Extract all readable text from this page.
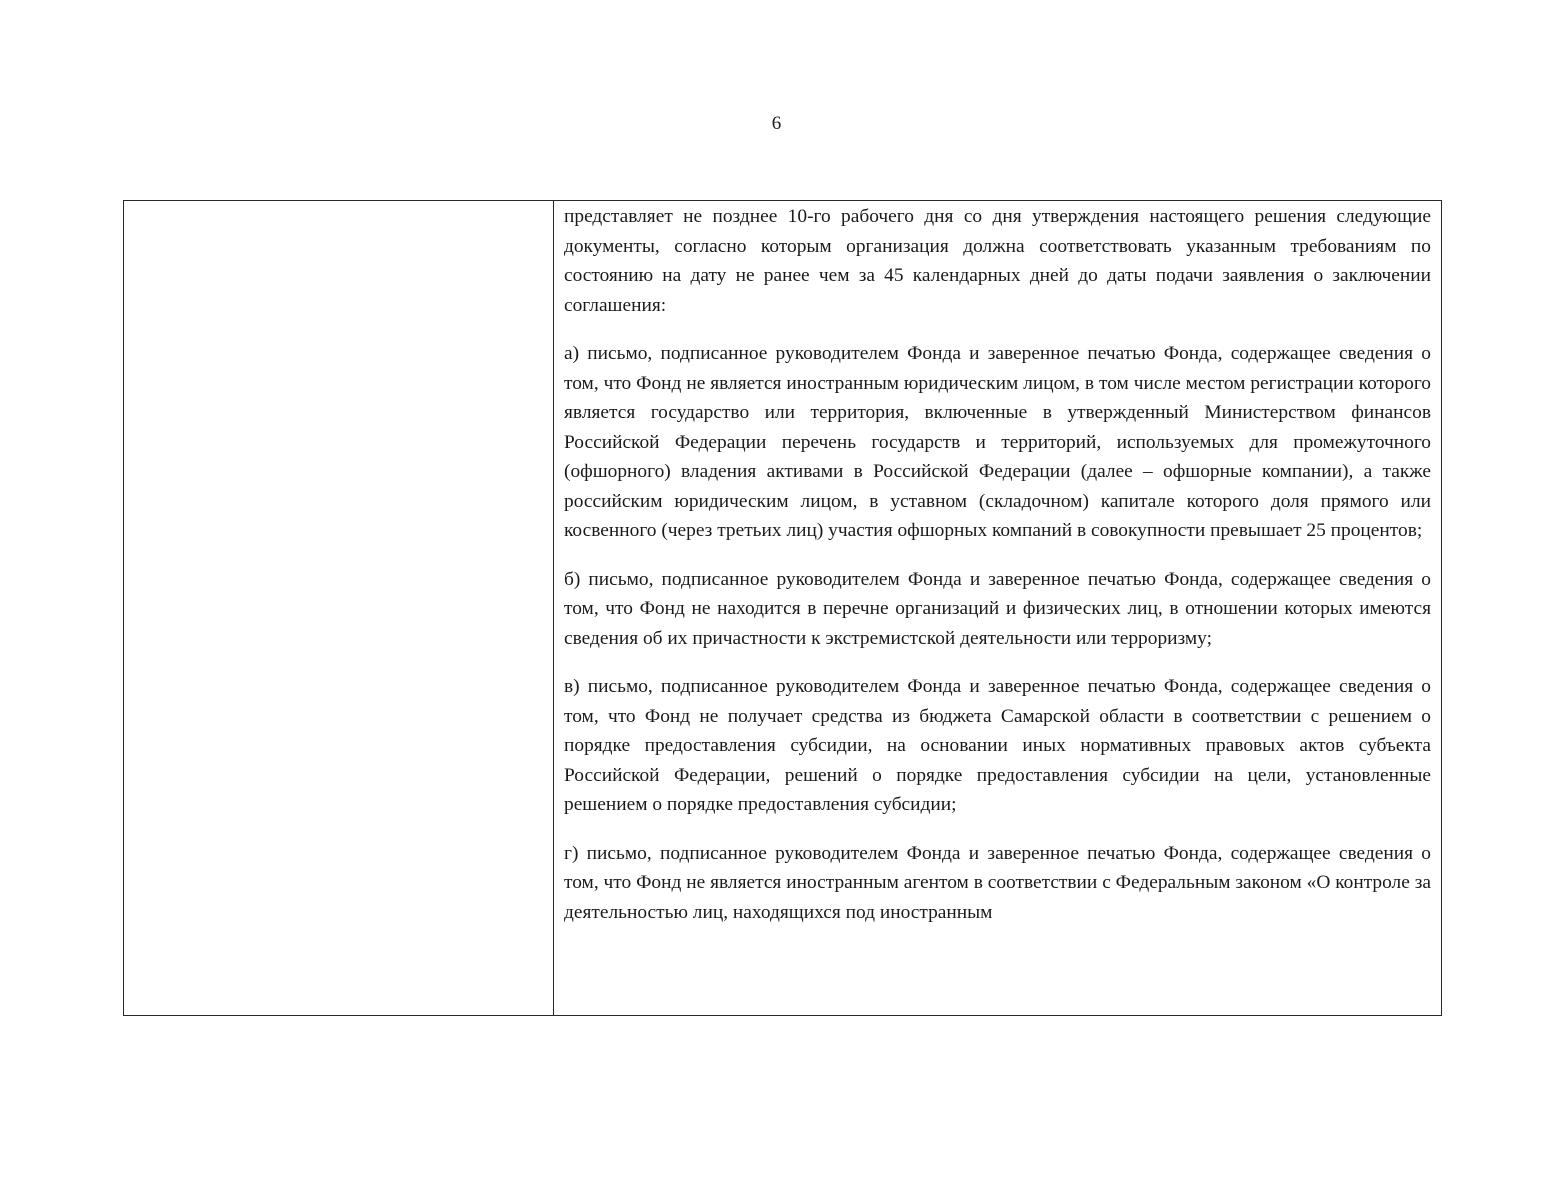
6

представляет не позднее 10-го рабочего дня со дня утверждения настоящего решения следующие документы, согласно которым организация должна соответствовать указанным требованиям по состоянию на дату не ранее чем за 45 календарных дней до даты подачи заявления о заключении соглашения:

а) письмо, подписанное руководителем Фонда и заверенное печатью Фонда, содержащее сведения о том, что Фонд не является иностранным юридическим лицом, в том числе местом регистрации которого является государство или территория, включенные в утвержденный Министерством финансов Российской Федерации перечень государств и территорий, используемых для промежуточного (офшорного) владения активами в Российской Федерации (далее – офшорные компании), а также российским юридическим лицом, в уставном (складочном) капитале которого доля прямого или косвенного (через третьих лиц) участия офшорных компаний в совокупности превышает 25 процентов;

б) письмо, подписанное руководителем Фонда и заверенное печатью Фонда, содержащее сведения о том, что Фонд не находится в перечне организаций и физических лиц, в отношении которых имеются сведения об их причастности к экстремистской деятельности или терроризму;

в) письмо, подписанное руководителем Фонда и заверенное печатью Фонда, содержащее сведения о том, что Фонд не получает средства из бюджета Самарской области в соответствии с решением о порядке предоставления субсидии, на основании иных нормативных правовых актов субъекта Российской Федерации, решений о порядке предоставления субсидии на цели, установленные решением о порядке предоставления субсидии;

г) письмо, подписанное руководителем Фонда и заверенное печатью Фонда, содержащее сведения о том, что Фонд не является иностранным агентом в соответствии с Федеральным законом «О контроле за деятельностью лиц, находящихся под иностранным
